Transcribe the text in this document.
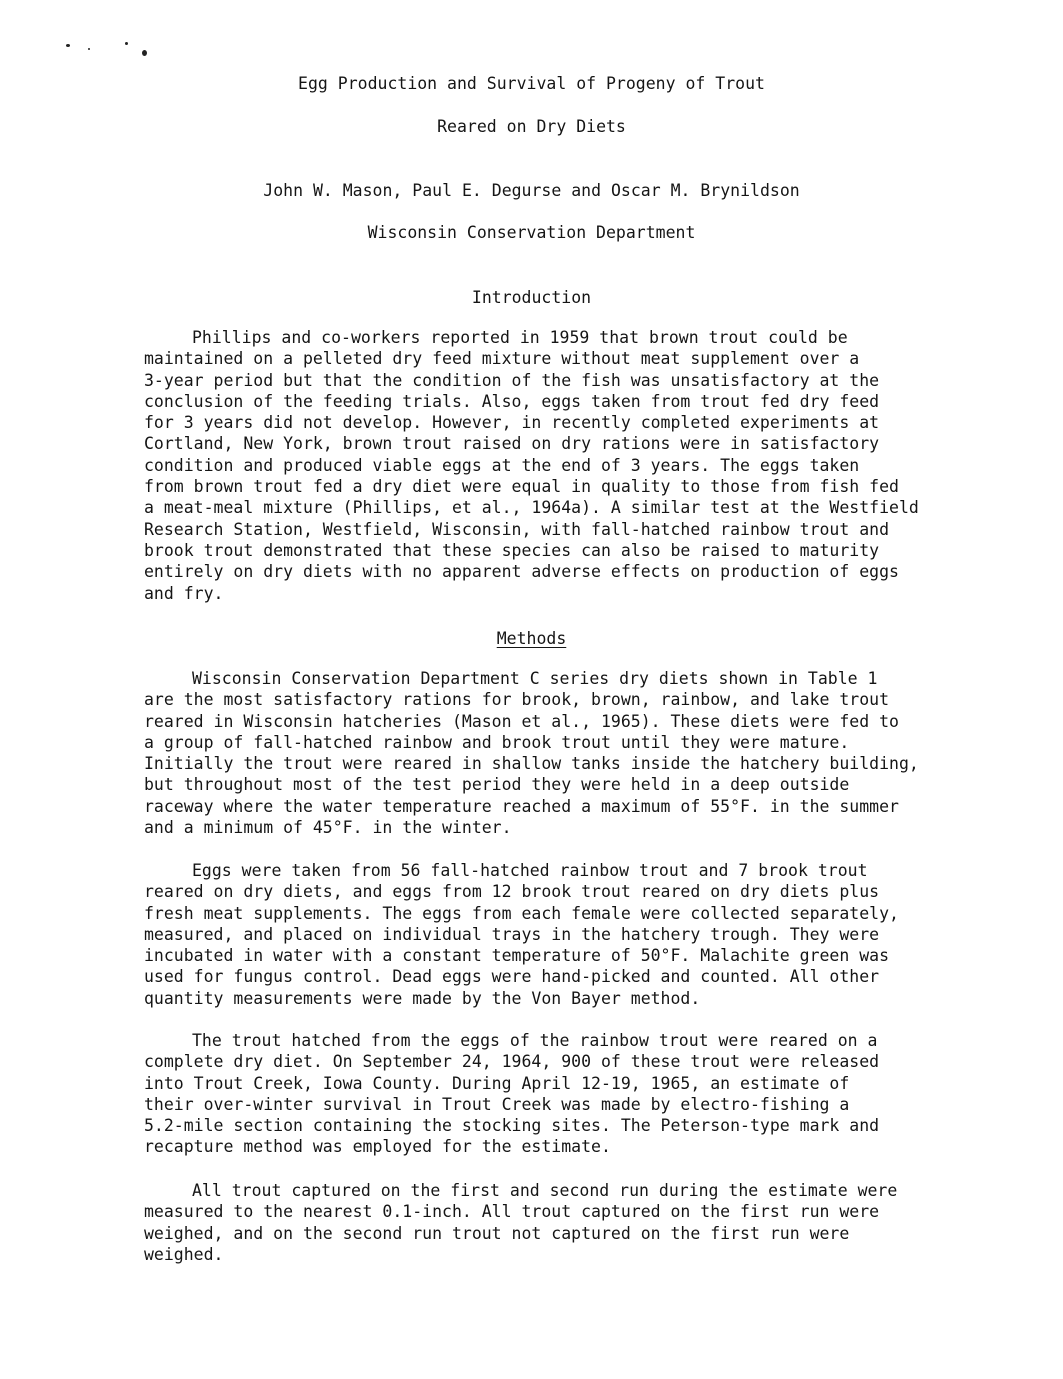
Egg Production and Survival of Progeny of Trout
Reared on Dry Diets
John W. Mason, Paul E. Degurse and Oscar M. Brynildson
Wisconsin Conservation Department
Introduction
Phillips and co-workers reported in 1959 that brown trout could be
maintained on a pelleted dry feed mixture without meat supplement over a
3-year period but that the condition of the fish was unsatisfactory at the
conclusion of the feeding trials. Also, eggs taken from trout fed dry feed
for 3 years did not develop. However, in recently completed experiments at
Cortland, New York, brown trout raised on dry rations were in satisfactory
condition and produced viable eggs at the end of 3 years. The eggs taken
from brown trout fed a dry diet were equal in quality to those from fish fed
a meat-meal mixture (Phillips, et al., 1964a). A similar test at the Westfield
Research Station, Westfield, Wisconsin, with fall-hatched rainbow trout and
brook trout demonstrated that these species can also be raised to maturity
entirely on dry diets with no apparent adverse effects on production of eggs
and fry.
Methods
Wisconsin Conservation Department C series dry diets shown in Table 1
are the most satisfactory rations for brook, brown, rainbow, and lake trout
reared in Wisconsin hatcheries (Mason et al., 1965). These diets were fed to
a group of fall-hatched rainbow and brook trout until they were mature.
Initially the trout were reared in shallow tanks inside the hatchery building,
but throughout most of the test period they were held in a deep outside
raceway where the water temperature reached a maximum of 55°F. in the summer
and a minimum of 45°F. in the winter.
Eggs were taken from 56 fall-hatched rainbow trout and 7 brook trout
reared on dry diets, and eggs from 12 brook trout reared on dry diets plus
fresh meat supplements. The eggs from each female were collected separately,
measured, and placed on individual trays in the hatchery trough. They were
incubated in water with a constant temperature of 50°F. Malachite green was
used for fungus control. Dead eggs were hand-picked and counted. All other
quantity measurements were made by the Von Bayer method.
The trout hatched from the eggs of the rainbow trout were reared on a
complete dry diet. On September 24, 1964, 900 of these trout were released
into Trout Creek, Iowa County. During April 12-19, 1965, an estimate of
their over-winter survival in Trout Creek was made by electro-fishing a
5.2-mile section containing the stocking sites. The Peterson-type mark and
recapture method was employed for the estimate.
All trout captured on the first and second run during the estimate were
measured to the nearest 0.1-inch. All trout captured on the first run were
weighed, and on the second run trout not captured on the first run were
weighed.
